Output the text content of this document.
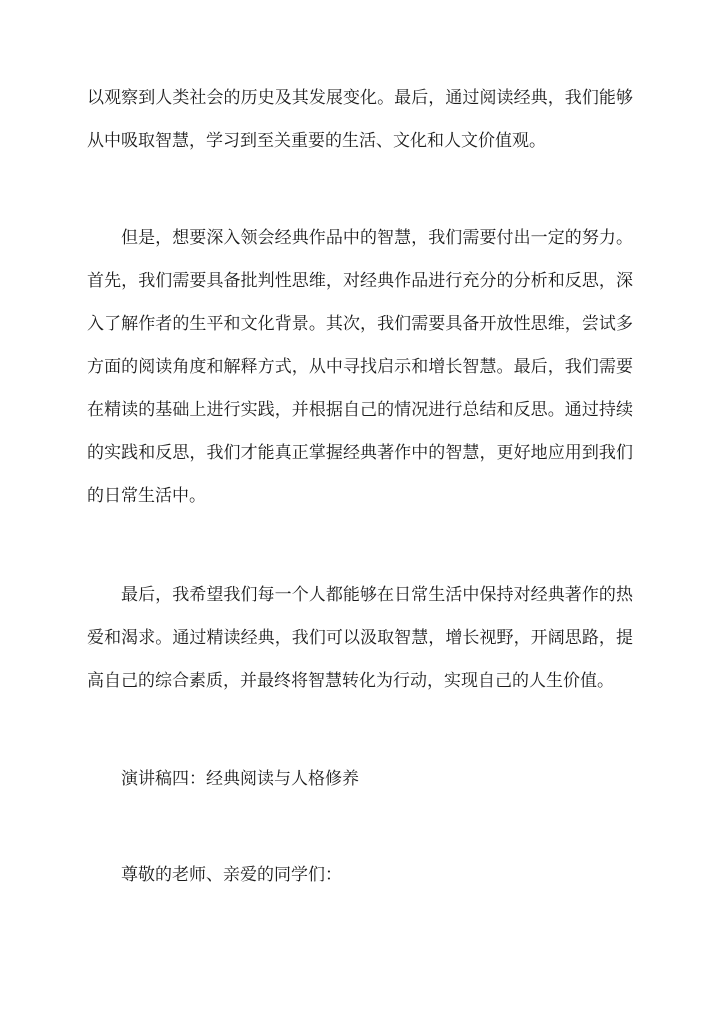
以观察到人类社会的历史及其发展变化。最后，通过阅读经典，我们能够
从中吸取智慧，学习到至关重要的生活、文化和人文价值观。
但是，想要深入领会经典作品中的智慧，我们需要付出一定的努力。
首先，我们需要具备批判性思维，对经典作品进行充分的分析和反思，深
入了解作者的生平和文化背景。其次，我们需要具备开放性思维，尝试多
方面的阅读角度和解释方式，从中寻找启示和增长智慧。最后，我们需要
在精读的基础上进行实践，并根据自己的情况进行总结和反思。通过持续
的实践和反思，我们才能真正掌握经典著作中的智慧，更好地应用到我们
的日常生活中。
最后，我希望我们每一个人都能够在日常生活中保持对经典著作的热
爱和渴求。通过精读经典，我们可以汲取智慧，增长视野，开阔思路，提
高自己的综合素质，并最终将智慧转化为行动，实现自己的人生价值。
演讲稿四：经典阅读与人格修养
尊敬的老师、亲爱的同学们：
